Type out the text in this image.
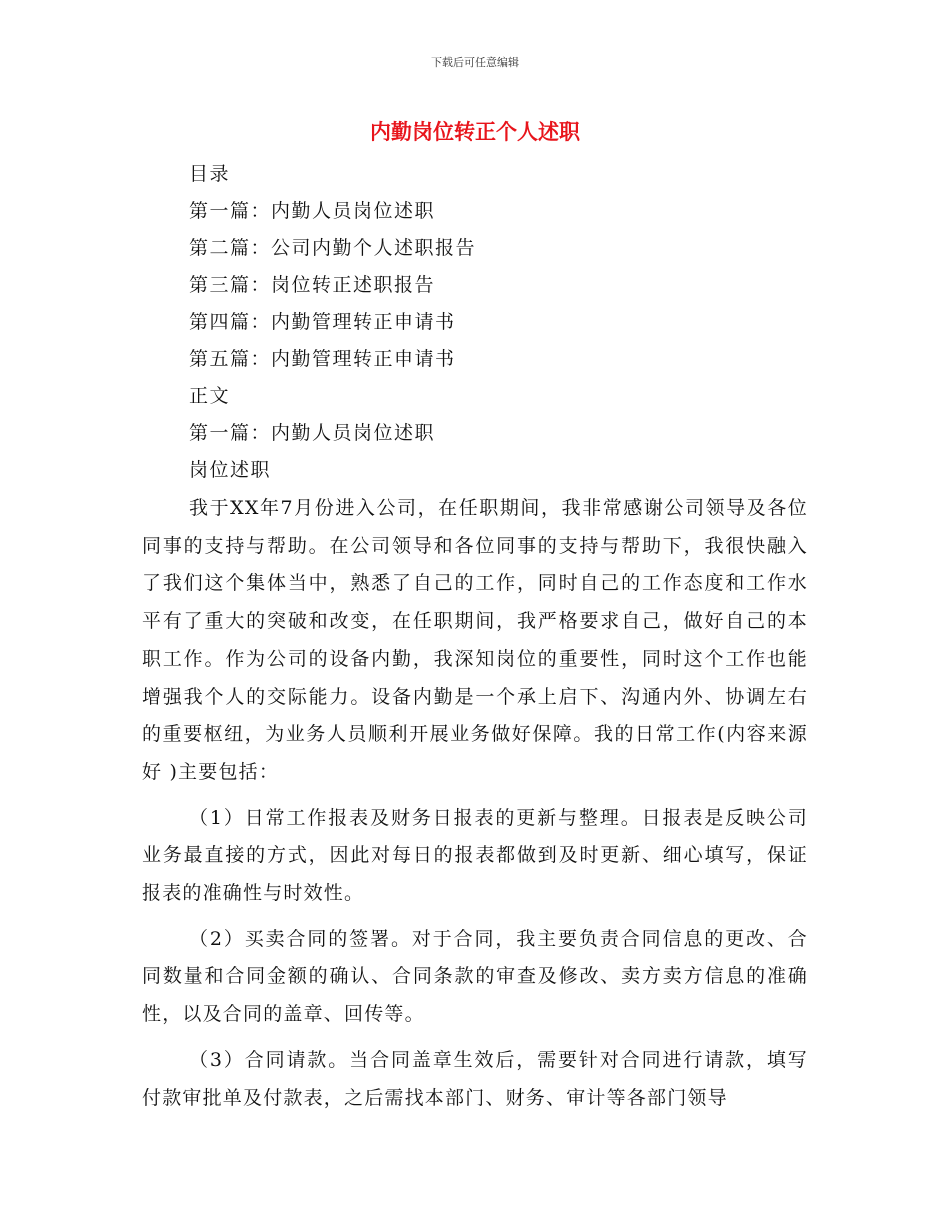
下载后可任意编辑
内勤岗位转正个人述职
目录
第一篇：内勤人员岗位述职
第二篇：公司内勤个人述职报告
第三篇：岗位转正述职报告
第四篇：内勤管理转正申请书
第五篇：内勤管理转正申请书
正文
第一篇：内勤人员岗位述职
岗位述职

我于XX年7月份进入公司，在任职期间，我非常感谢公司领导及各位同事的支持与帮助。在公司领导和各位同事的支持与帮助下，我很快融入了我们这个集体当中，熟悉了自己的工作，同时自己的工作态度和工作水平有了重大的突破和改变，在任职期间，我严格要求自己，做好自己的本职工作。作为公司的设备内勤，我深知岗位的重要性，同时这个工作也能增强我个人的交际能力。设备内勤是一个承上启下、沟通内外、协调左右的重要枢纽，为业务人员顺利开展业务做好保障。我的日常工作(内容来源好 )主要包括：

（1）日常工作报表及财务日报表的更新与整理。日报表是反映公司业务最直接的方式，因此对每日的报表都做到及时更新、细心填写，保证报表的准确性与时效性。

（2）买卖合同的签署。对于合同，我主要负责合同信息的更改、合同数量和合同金额的确认、合同条款的审查及修改、卖方卖方信息的准确性，以及合同的盖章、回传等。

（3）合同请款。当合同盖章生效后，需要针对合同进行请款，填写付款审批单及付款表，之后需找本部门、财务、审计等各部门领导
